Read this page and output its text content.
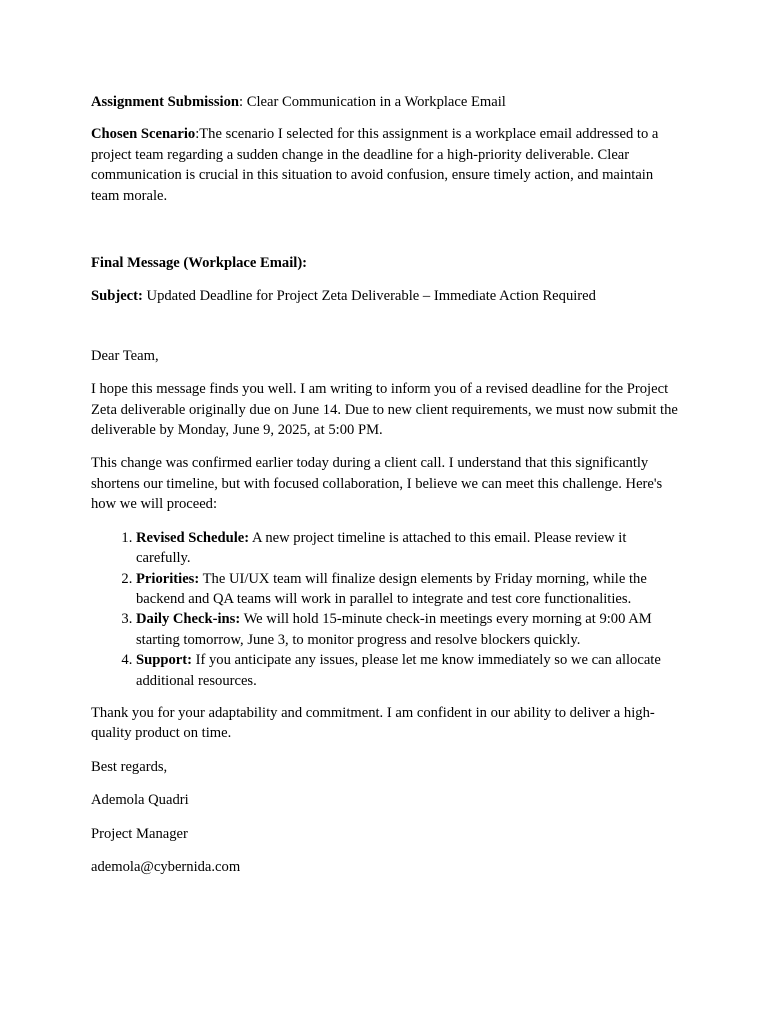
Assignment Submission: Clear Communication in a Workplace Email

Chosen Scenario:The scenario I selected for this assignment is a workplace email addressed to a project team regarding a sudden change in the deadline for a high-priority deliverable. Clear communication is crucial in this situation to avoid confusion, ensure timely action, and maintain team morale.

Final Message (Workplace Email):

Subject: Updated Deadline for Project Zeta Deliverable – Immediate Action Required

Dear Team,

I hope this message finds you well. I am writing to inform you of a revised deadline for the Project Zeta deliverable originally due on June 14. Due to new client requirements, we must now submit the deliverable by Monday, June 9, 2025, at 5:00 PM.

This change was confirmed earlier today during a client call. I understand that this significantly shortens our timeline, but with focused collaboration, I believe we can meet this challenge. Here's how we will proceed:

1. Revised Schedule: A new project timeline is attached to this email. Please review it carefully.
2. Priorities: The UI/UX team will finalize design elements by Friday morning, while the backend and QA teams will work in parallel to integrate and test core functionalities.
3. Daily Check-ins: We will hold 15-minute check-in meetings every morning at 9:00 AM starting tomorrow, June 3, to monitor progress and resolve blockers quickly.
4. Support: If you anticipate any issues, please let me know immediately so we can allocate additional resources.

Thank you for your adaptability and commitment. I am confident in our ability to deliver a high-quality product on time.

Best regards,

Ademola Quadri

Project Manager

ademola@cybernida.com
